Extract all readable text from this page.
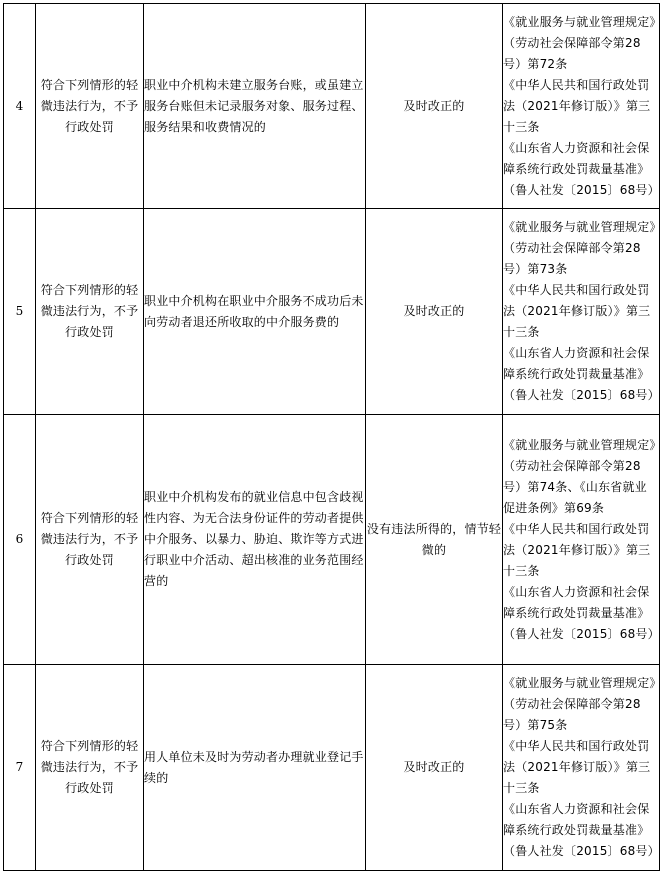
4	符合下列情形的轻微违法行为，不予行政处罚	职业中介机构未建立服务台账，或虽建立服务台账但未记录服务对象、服务过程、服务结果和收费情况的	及时改正的	《就业服务与就业管理规定》（劳动社会保障部令第28号）第72条
《中华人民共和国行政处罚法（2021年修订版）》第三十三条
《山东省人力资源和社会保障系统行政处罚裁量基准》（鲁人社发〔2015〕68号）

5	符合下列情形的轻微违法行为，不予行政处罚	职业中介机构在职业中介服务不成功后未向劳动者退还所收取的中介服务费的	及时改正的	《就业服务与就业管理规定》（劳动社会保障部令第28号）第73条
《中华人民共和国行政处罚法（2021年修订版）》第三十三条
《山东省人力资源和社会保障系统行政处罚裁量基准》（鲁人社发〔2015〕68号）

6	符合下列情形的轻微违法行为，不予行政处罚	职业中介机构发布的就业信息中包含歧视性内容、为无合法身份证件的劳动者提供中介服务、以暴力、胁迫、欺诈等方式进行职业中介活动、超出核准的业务范围经营的	没有违法所得的，情节轻微的	《就业服务与就业管理规定》（劳动社会保障部令第28号）第74条、《山东省就业促进条例》第69条
《中华人民共和国行政处罚法（2021年修订版）》第三十三条
《山东省人力资源和社会保障系统行政处罚裁量基准》（鲁人社发〔2015〕68号）

7	符合下列情形的轻微违法行为，不予行政处罚	用人单位未及时为劳动者办理就业登记手续的	及时改正的	《就业服务与就业管理规定》（劳动社会保障部令第28号）第75条
《中华人民共和国行政处罚法（2021年修订版）》第三十三条
《山东省人力资源和社会保障系统行政处罚裁量基准》（鲁人社发〔2015〕68号）
